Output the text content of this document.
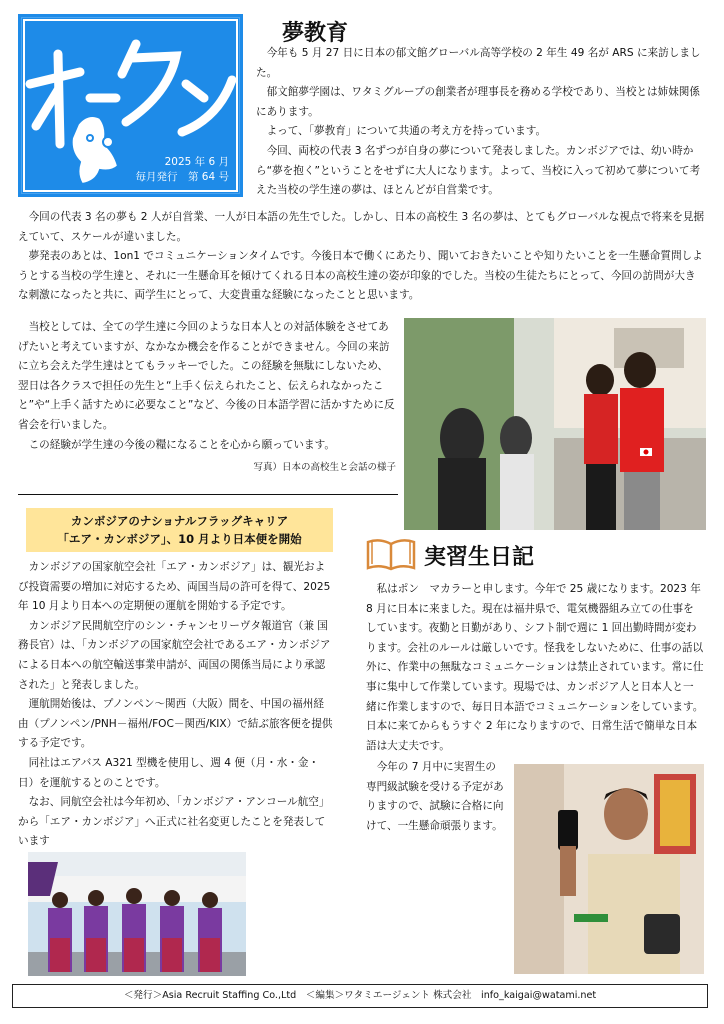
2025 年 6 月
毎月発行　第 64 号
夢教育

今年も 5 月 27 日に日本の郁文館グローバル高等学校の 2 年生 49 名が ARS に来訪しました。

郁文館夢学園は、ワタミグループの創業者が理事長を務める学校であり、当校とは姉妹関係にあります。

よって、「夢教育」について共通の考え方を持っています。

今回、両校の代表 3 名ずつが自身の夢について発表しました。カンボジアでは、幼い時から“夢を抱く”ということをせずに大人になります。よって、当校に入って初めて夢について考えた当校の学生達の夢は、ほとんどが自営業です。

今回の代表 3 名の夢も 2 人が自営業、一人が日本語の先生でした。しかし、日本の高校生 3 名の夢は、とてもグローバルな視点で将来を見据えていて、スケールが違いました。

夢発表のあとは、1on1 でコミュニケーションタイムです。今後日本で働くにあたり、聞いておきたいことや知りたいことを一生懸命質問しようとする当校の学生達と、それに一生懸命耳を傾けてくれる日本の高校生達の姿が印象的でした。当校の生徒たちにとって、今回の訪問が大きな刺激になったと共に、両学生にとって、大変貴重な経験になったことと思います。

当校としては、全ての学生達に今回のような日本人との対話体験をさせてあげたいと考えていますが、なかなか機会を作ることができません。今回の来訪に立ち会えた学生達はとてもラッキーでした。この経験を無駄にしないため、翌日は各クラスで担任の先生と“上手く伝えられたこと、伝えられなかったこと”や“上手く話すために必要なこと”など、今後の日本語学習に活かすために反省会を行いました。

この経験が学生達の今後の糧になることを心から願っています。

写真）日本の高校生と会話の様子
カンボジアのナショナルフラッグキャリア
「エア・カンボジア」、10 月より日本便を開始

カンボジアの国家航空会社「エア・カンボジア」は、観光および投資需要の増加に対応するため、両国当局の許可を得て、2025 年 10 月より日本への定期便の運航を開始する予定です。

カンボジア民間航空庁のシン・チャンセリーヴタ報道官（兼 国務長官）は、「カンボジアの国家航空会社であるエア・カンボジアによる日本への航空輸送事業申請が、両国の関係当局により承認された」と発表しました。

運航開始後は、プノンペン～関西（大阪）間を、中国の福州経由（プノンペン/PNH－福州/FOC－関西/KIX）で結ぶ旅客便を提供する予定です。

同社はエアバス A321 型機を使用し、週 4 便（月・水・金・日）を運航するとのことです。

なお、同航空会社は今年初め、「カンボジア・アンコール航空」から「エア・カンボジア」へ正式に社名変更したことを発表しています

実習生日記

私はポン　マカラーと申します。今年で 25 歳になります。2023 年 8 月に日本に来ました。現在は福井県で、電気機器組み立ての仕事をしています。夜勤と日勤があり、シフト制で週に 1 回出勤時間が変わります。会社のルールは厳しいです。怪我をしないために、仕事の話以外に、作業中の無駄なコミュニケーションは禁止されています。常に仕事に集中して作業しています。現場では、カンボジア人と日本人と一緒に作業しますので、毎日日本語でコミュニケーションをしています。日本に来てからもうすぐ 2 年になりますので、日常生活で簡単な日本語は大丈夫です。

今年の 7 月中に実習生の専門級試験を受ける予定がありますので、試験に合格に向けて、一生懸命頑張ります。

＜発行＞Asia Recruit Staffing Co.,Ltd　＜編集＞ワタミエージェント 株式会社　info_kaigai@watami.net
